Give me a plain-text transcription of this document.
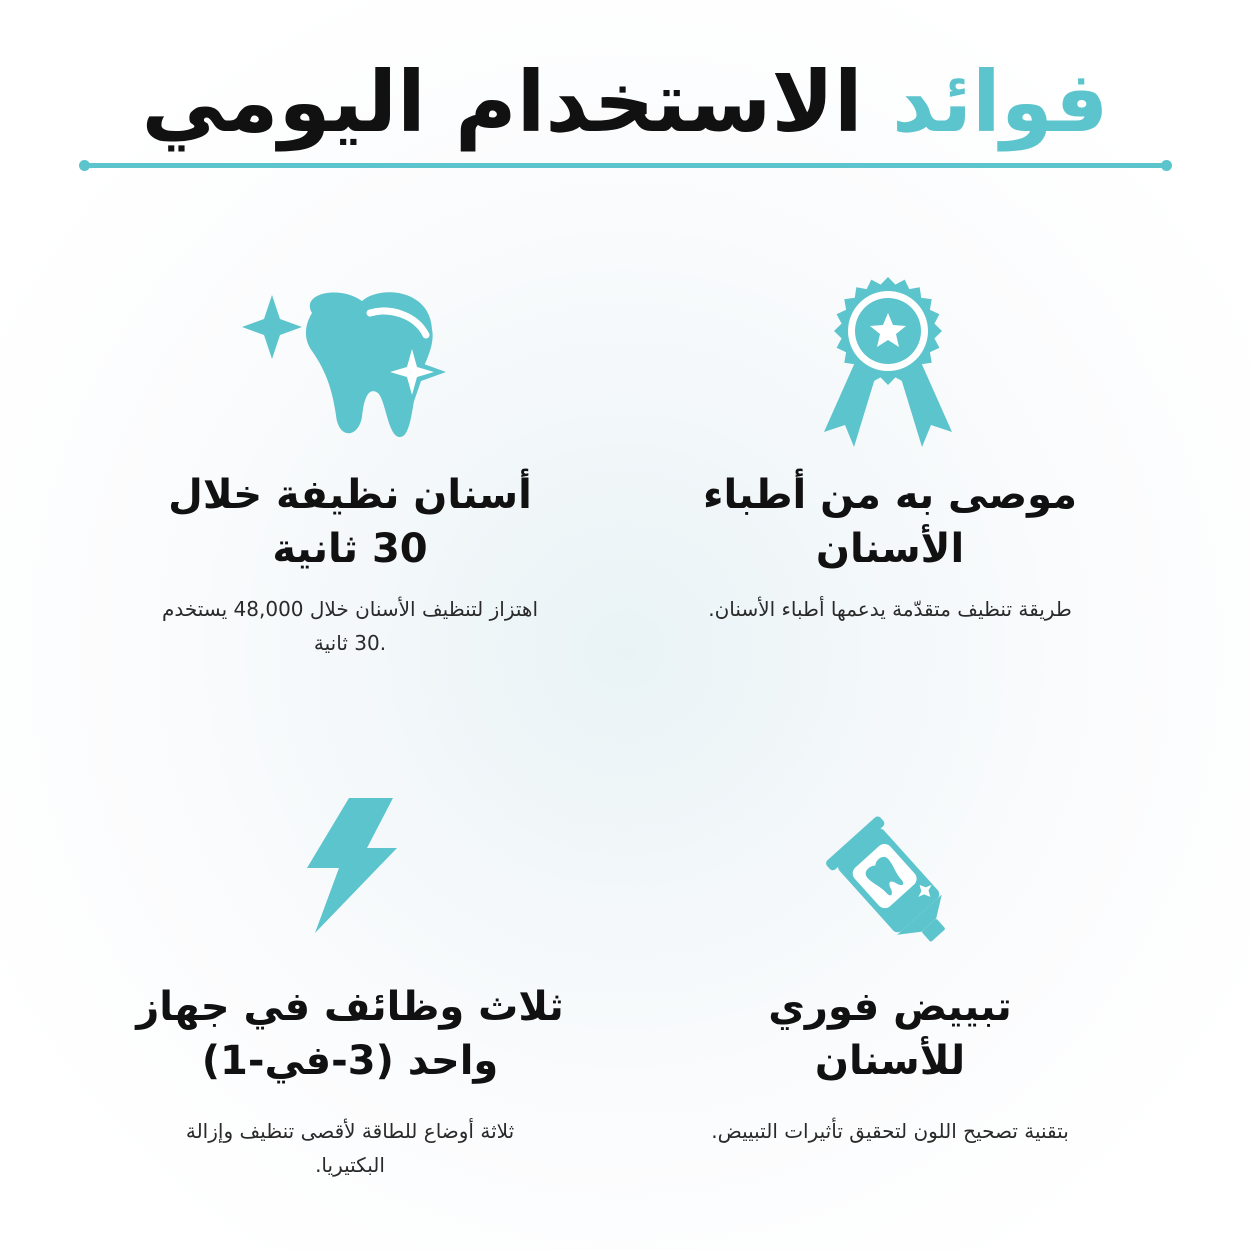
فوائد الاستخدام اليومي

موصى به من أطباء
الأسنان

طريقة تنظيف متقدّمة يدعمها أطباء الأسنان.

أسنان نظيفة خلال
30 ثانية

اهتزاز لتنظيف الأسنان خلال 48,000 يستخدم
.30 ثانية

تبييض فوري
للأسنان

بتقنية تصحيح اللون لتحقيق تأثيرات التبييض.

ثلاث وظائف في جهاز
واحد (3-في-1)

ثلاثة أوضاع للطاقة لأقصى تنظيف وإزالة
البكتيريا.
